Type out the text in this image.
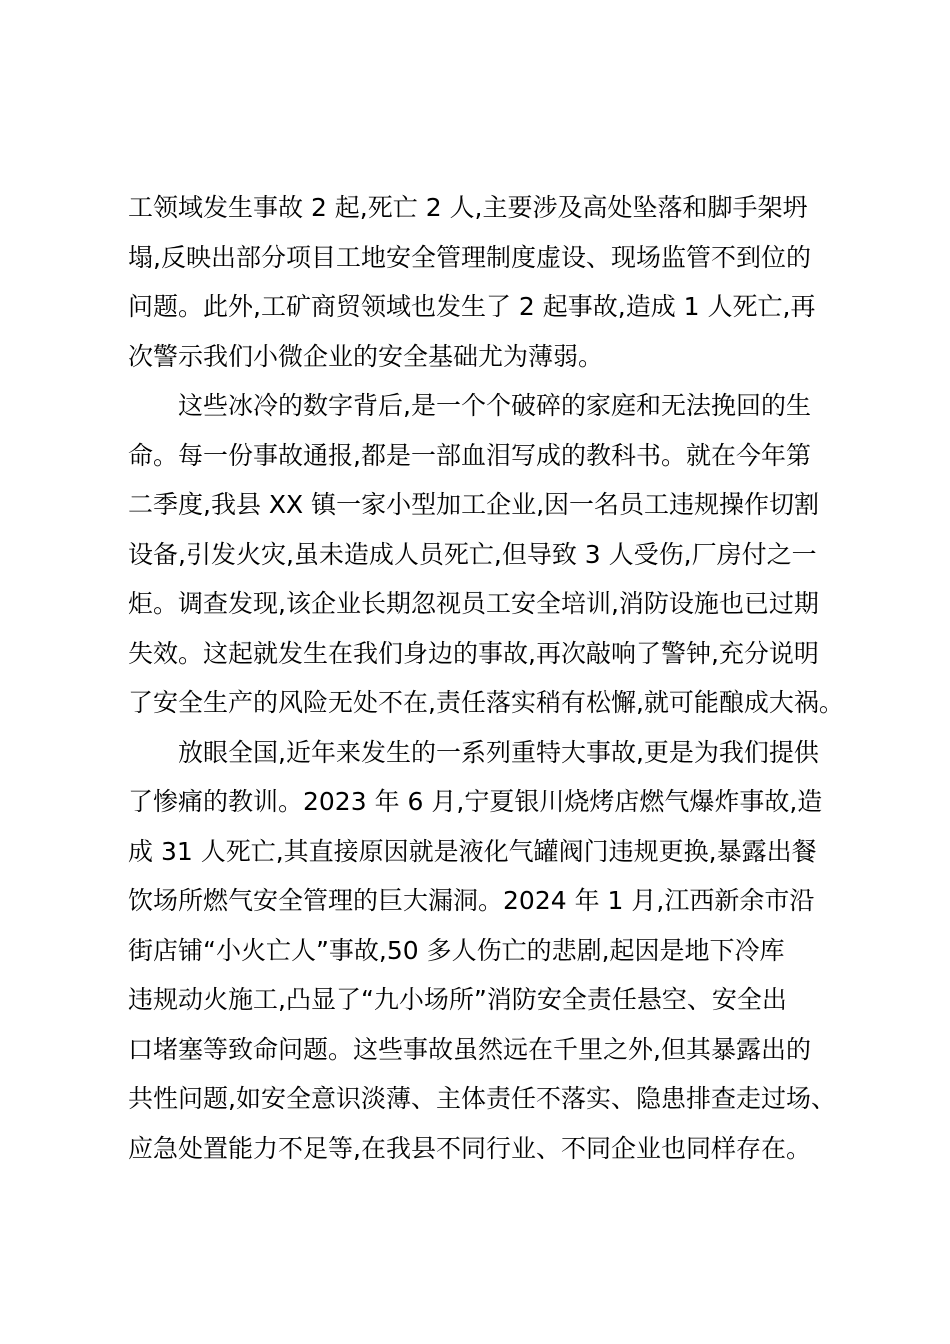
工领域发生事故 2 起,死亡 2 人,主要涉及高处坠落和脚手架坍
塌,反映出部分项目工地安全管理制度虚设、现场监管不到位的
问题。此外,工矿商贸领域也发生了 2 起事故,造成 1 人死亡,再
次警示我们小微企业的安全基础尤为薄弱。
这些冰冷的数字背后,是一个个破碎的家庭和无法挽回的生
命。每一份事故通报,都是一部血泪写成的教科书。就在今年第
二季度,我县 XX 镇一家小型加工企业,因一名员工违规操作切割
设备,引发火灾,虽未造成人员死亡,但导致 3 人受伤,厂房付之一
炬。调查发现,该企业长期忽视员工安全培训,消防设施也已过期
失效。这起就发生在我们身边的事故,再次敲响了警钟,充分说明
了安全生产的风险无处不在,责任落实稍有松懈,就可能酿成大祸。
放眼全国,近年来发生的一系列重特大事故,更是为我们提供
了惨痛的教训。2023 年 6 月,宁夏银川烧烤店燃气爆炸事故,造
成 31 人死亡,其直接原因就是液化气罐阀门违规更换,暴露出餐
饮场所燃气安全管理的巨大漏洞。2024 年 1 月,江西新余市沿
街店铺“小火亡人”事故,50 多人伤亡的悲剧,起因是地下冷库
违规动火施工,凸显了“九小场所”消防安全责任悬空、安全出
口堵塞等致命问题。这些事故虽然远在千里之外,但其暴露出的
共性问题,如安全意识淡薄、主体责任不落实、隐患排查走过场、
应急处置能力不足等,在我县不同行业、不同企业也同样存在。
